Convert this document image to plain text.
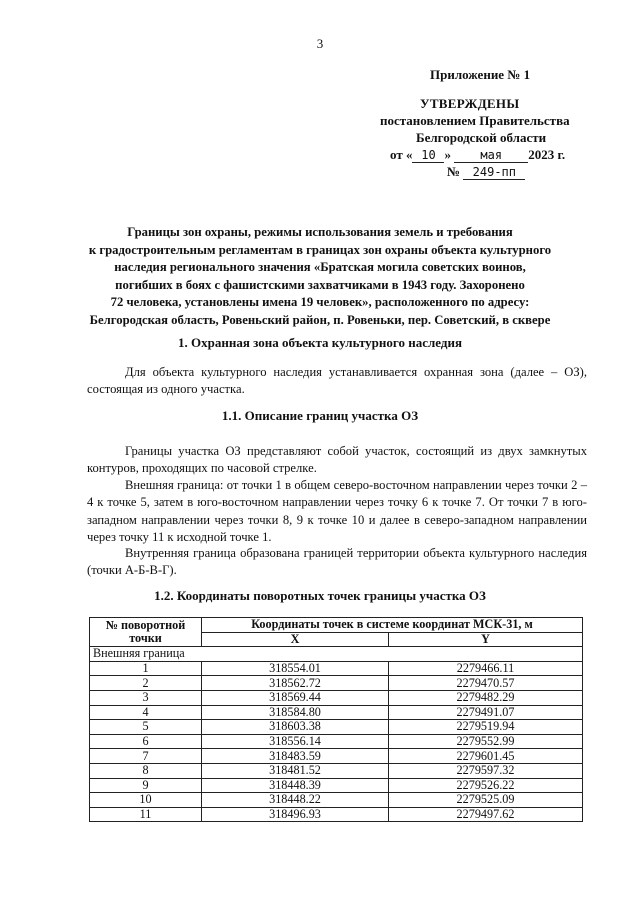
3
Приложение № 1
УТВЕРЖДЕНЫ
постановлением Правительства
Белгородской области
от « 10 » мая 2023 г.
№ 249-пп
Границы зон охраны, режимы использования земель и требования
к градостроительным регламентам в границах зон охраны объекта культурного
наследия регионального значения «Братская могила советских воинов,
погибших в боях с фашистскими захватчиками в 1943 году. Захоронено
72 человека, установлены имена 19 человек», расположенного по адресу:
Белгородская область, Ровеньский район, п. Ровеньки, пер. Советский, в сквере
1. Охранная зона объекта культурного наследия
Для объекта культурного наследия устанавливается охранная зона (далее – ОЗ), состоящая из одного участка.
1.1. Описание границ участка ОЗ
Границы участка ОЗ представляют собой участок, состоящий из двух замкнутых контуров, проходящих по часовой стрелке.
Внешняя граница: от точки 1 в общем северо-восточном направлении через точки 2 – 4 к точке 5, затем в юго-восточном направлении через точку 6 к точке 7. От точки 7 в юго-западном направлении через точки 8, 9 к точке 10 и далее в северо-западном направлении через точку 11 к исходной точке 1.
Внутренняя граница образована границей территории объекта культурного наследия (точки А-Б-В-Г).
1.2. Координаты поворотных точек границы участка ОЗ
№ поворотной точки	Координаты точек в системе координат МСК-31, м	
	X	Y
Внешняя граница		
1	318554.01	2279466.11
2	318562.72	2279470.57
3	318569.44	2279482.29
4	318584.80	2279491.07
5	318603.38	2279519.94
6	318556.14	2279552.99
7	318483.59	2279601.45
8	318481.52	2279597.32
9	318448.39	2279526.22
10	318448.22	2279525.09
11	318496.93	2279497.62
